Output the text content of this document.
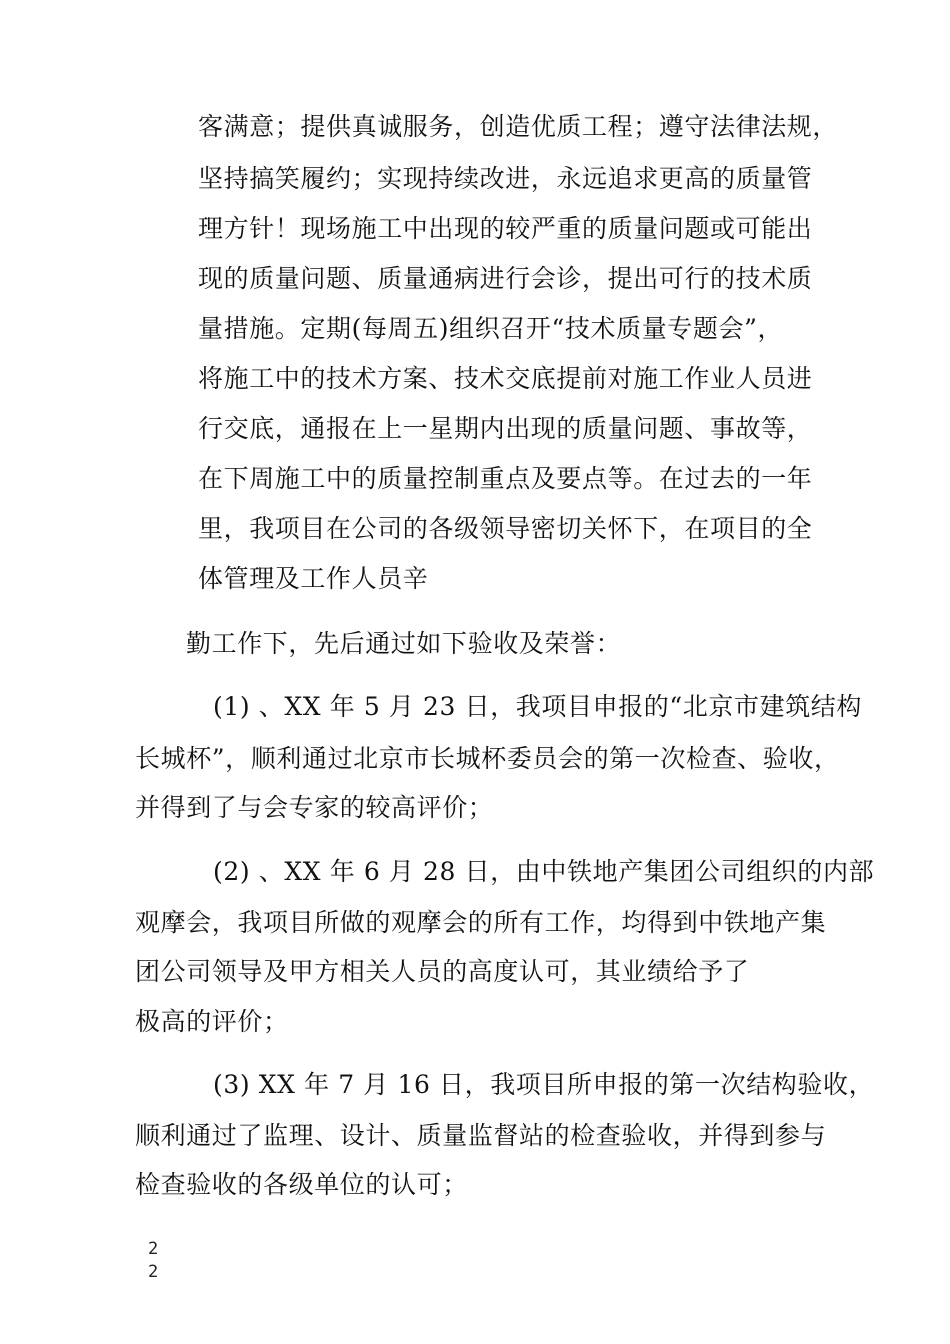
客满意；提供真诚服务，创造优质工程；遵守法律法规，
坚持搞笑履约；实现持续改进，永远追求更高的质量管
理方针！现场施工中出现的较严重的质量问题或可能出
现的质量问题、质量通病进行会诊，提出可行的技术质
量措施。定期(每周五)组织召开“技术质量专题会”，
将施工中的技术方案、技术交底提前对施工作业人员进
行交底，通报在上一星期内出现的质量问题、事故等，
在下周施工中的质量控制重点及要点等。在过去的一年
里，我项目在公司的各级领导密切关怀下，在项目的全
体管理及工作人员辛
勤工作下，先后通过如下验收及荣誉：
(1) 、XX 年 5 月 23 日，我项目申报的“北京市建筑结构
长城杯”，顺利通过北京市长城杯委员会的第一次检查、验收，
并得到了与会专家的较高评价；
(2) 、XX 年 6 月 28 日，由中铁地产集团公司组织的内部
观摩会，我项目所做的观摩会的所有工作，均得到中铁地产集
团公司领导及甲方相关人员的高度认可，其业绩给予了
极高的评价；
(3) XX 年 7 月 16 日，我项目所申报的第一次结构验收，
顺利通过了监理、设计、质量监督站的检查验收，并得到参与
检查验收的各级单位的认可；
2
2
